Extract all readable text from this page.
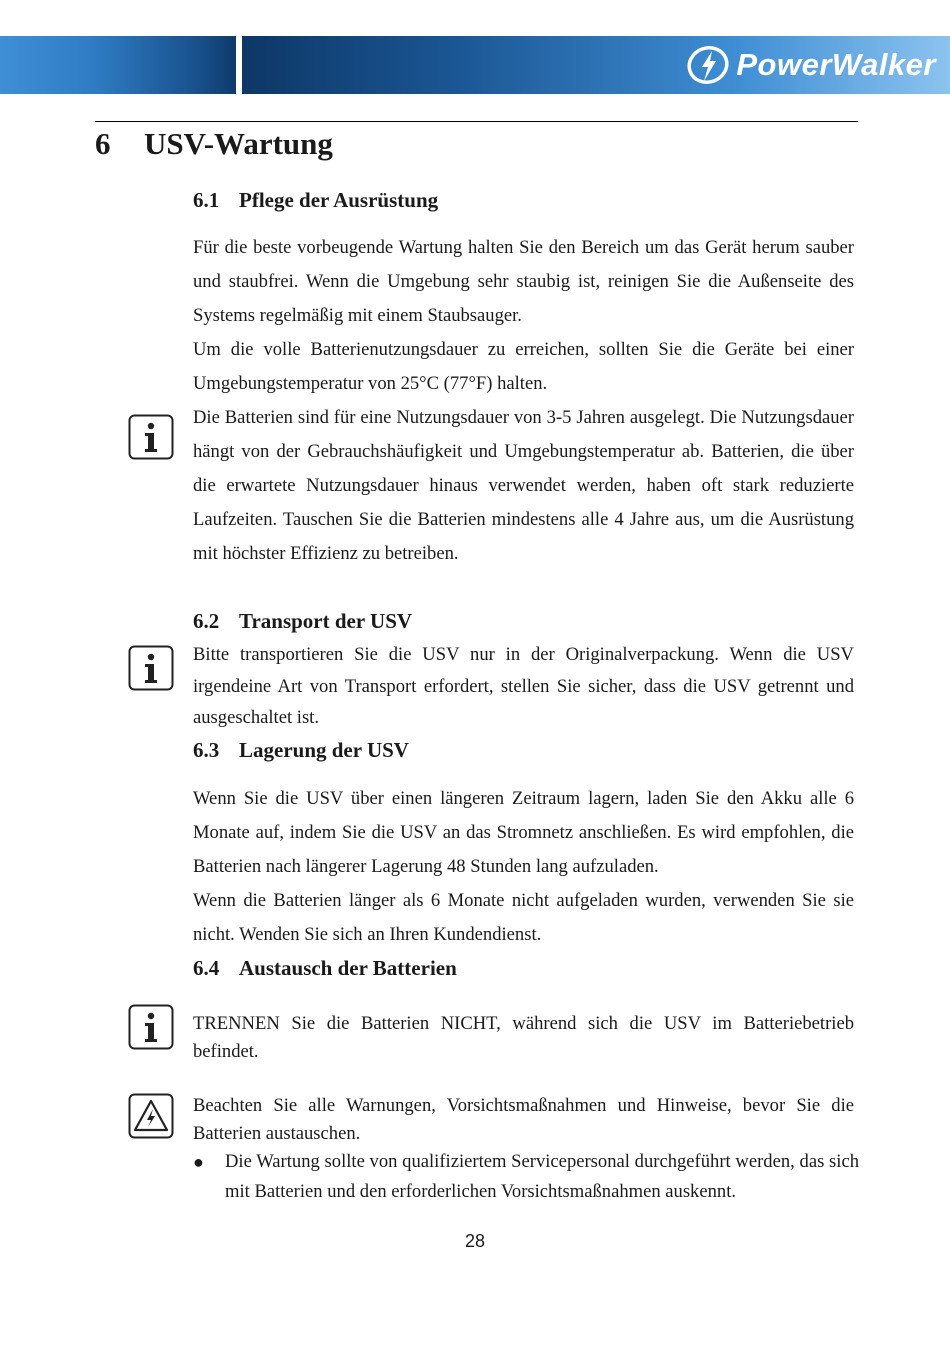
PowerWalker
6 USV-Wartung
6.1 Pflege der Ausrüstung
Für die beste vorbeugende Wartung halten Sie den Bereich um das Gerät herum sauber und staubfrei. Wenn die Umgebung sehr staubig ist, reinigen Sie die Außenseite des Systems regelmäßig mit einem Staubsauger.
Um die volle Batterienutzungsdauer zu erreichen, sollten Sie die Geräte bei einer Umgebungstemperatur von 25°C (77°F) halten.
Die Batterien sind für eine Nutzungsdauer von 3-5 Jahren ausgelegt. Die Nutzungsdauer hängt von der Gebrauchshäufigkeit und Umgebungstemperatur ab. Batterien, die über die erwartete Nutzungsdauer hinaus verwendet werden, haben oft stark reduzierte Laufzeiten. Tauschen Sie die Batterien mindestens alle 4 Jahre aus, um die Ausrüstung mit höchster Effizienz zu betreiben.
6.2 Transport der USV
Bitte transportieren Sie die USV nur in der Originalverpackung. Wenn die USV irgendeine Art von Transport erfordert, stellen Sie sicher, dass die USV getrennt und ausgeschaltet ist.
6.3 Lagerung der USV
Wenn Sie die USV über einen längeren Zeitraum lagern, laden Sie den Akku alle 6 Monate auf, indem Sie die USV an das Stromnetz anschließen. Es wird empfohlen, die Batterien nach längerer Lagerung 48 Stunden lang aufzuladen.
Wenn die Batterien länger als 6 Monate nicht aufgeladen wurden, verwenden Sie sie nicht. Wenden Sie sich an Ihren Kundendienst.
6.4 Austausch der Batterien
TRENNEN Sie die Batterien NICHT, während sich die USV im Batteriebetrieb befindet.
Beachten Sie alle Warnungen, Vorsichtsmaßnahmen und Hinweise, bevor Sie die Batterien austauschen.
● Die Wartung sollte von qualifiziertem Servicepersonal durchgeführt werden, das sich mit Batterien und den erforderlichen Vorsichtsmaßnahmen auskennt.
28
